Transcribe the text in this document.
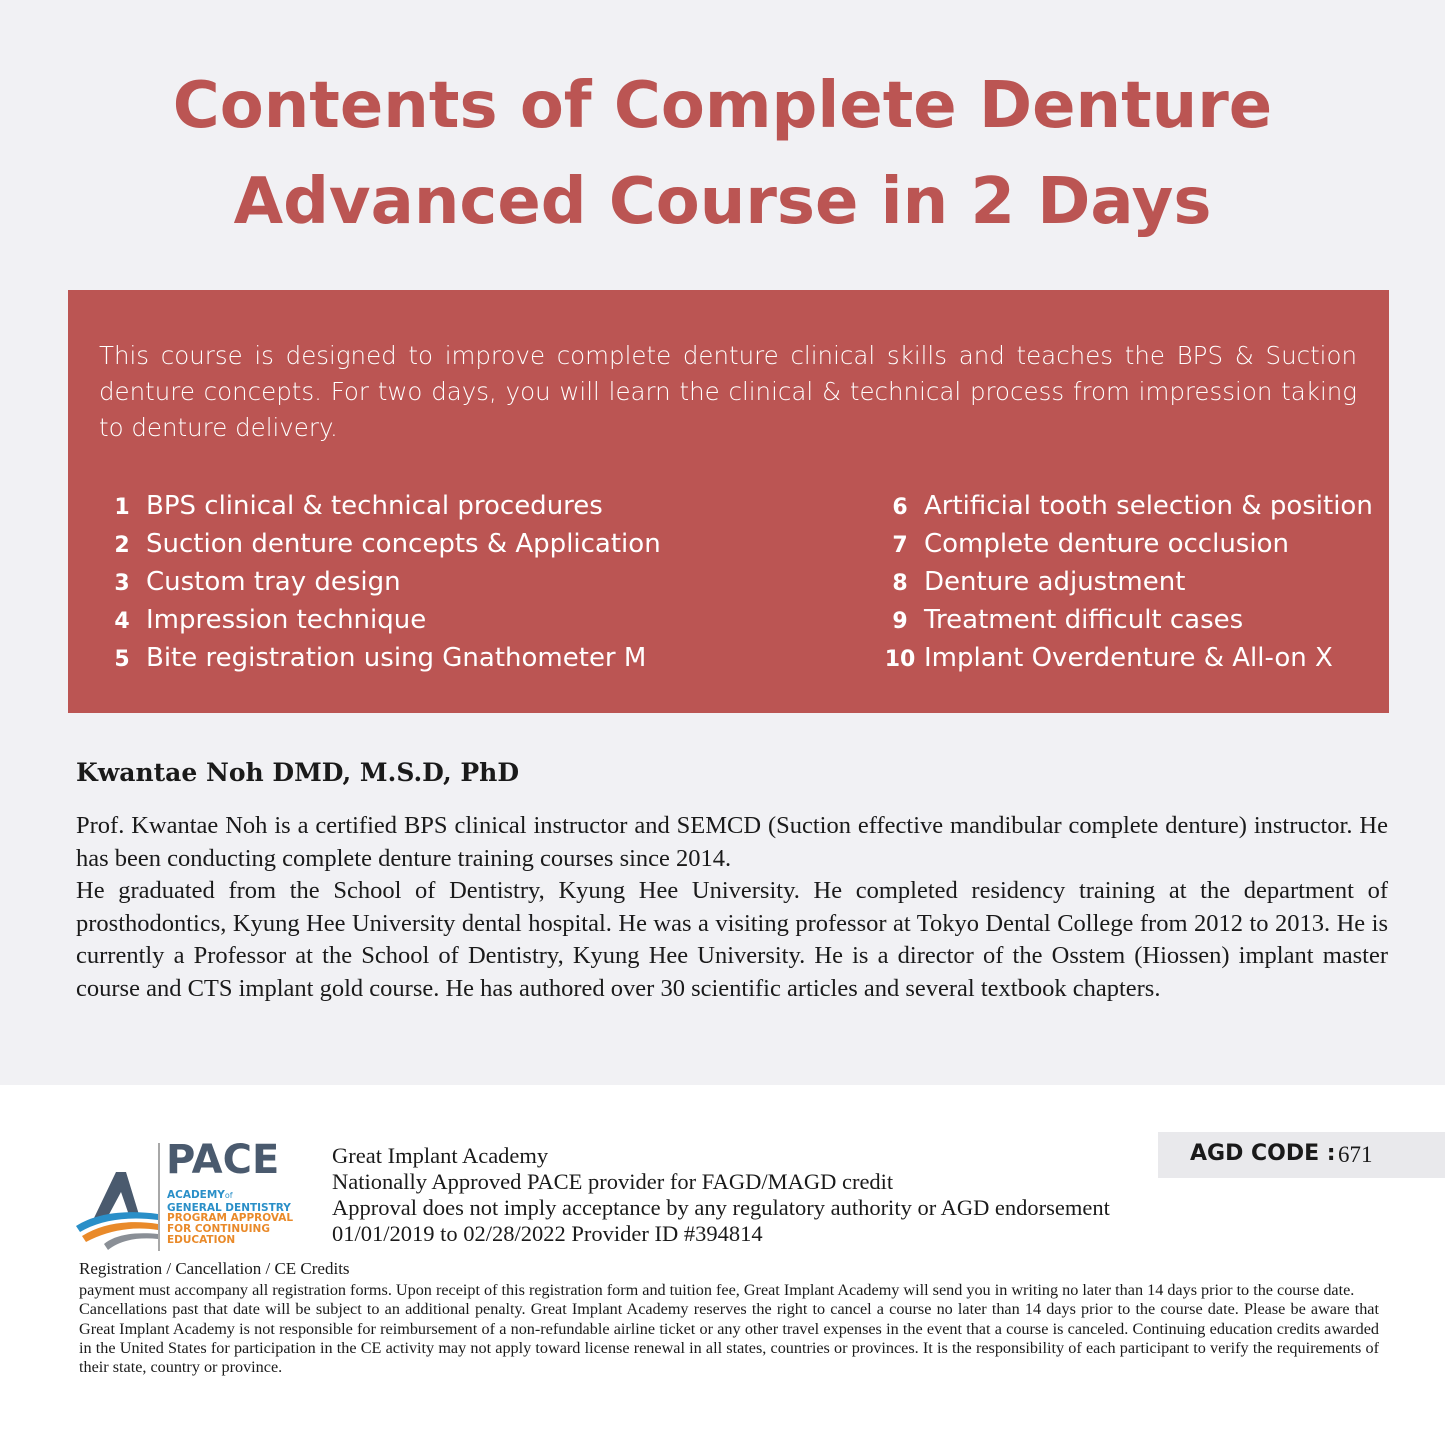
Contents of Complete Denture
Advanced Course in 2 Days

This course is designed to improve complete denture clinical skills and teaches the BPS & Suction denture concepts. For two days, you will learn the clinical & technical process from impression taking to denture delivery.

1 BPS clinical & technical procedures
2 Suction denture concepts & Application
3 Custom tray design
4 Impression technique
5 Bite registration using Gnathometer M
6 Artificial tooth selection & position
7 Complete denture occlusion
8 Denture adjustment
9 Treatment difficult cases
10 Implant Overdenture & All-on X
Kwantae Noh DMD, M.S.D, PhD

Prof. Kwantae Noh is a certified BPS clinical instructor and SEMCD (Suction effective mandibular complete denture) instructor. He has been conducting complete denture training courses since 2014.

He graduated from the School of Dentistry, Kyung Hee University. He completed residency training at the department of prosthodontics, Kyung Hee University dental hospital. He was a visiting professor at Tokyo Dental College from 2012 to 2013. He is currently a Professor at the School of Dentistry, Kyung Hee University. He is a director of the Osstem (Hiossen) implant master course and CTS implant gold course. He has authored over 30 scientific articles and several textbook chapters.

PACE
ACADEMYof
GENERAL DENTISTRY
PROGRAM APPROVAL
FOR CONTINUING
EDUCATION
Great Implant Academy
Nationally Approved PACE provider for FAGD/MAGD credit
Approval does not imply acceptance by any regulatory authority or AGD endorsement
01/01/2019 to 02/28/2022 Provider ID #394814
AGD CODE : 671
Registration / Cancellation / CE Credits

payment must accompany all registration forms. Upon receipt of this registration form and tuition fee, Great Implant Academy will send you in writing no later than 14 days prior to the course date.

Cancellations past that date will be subject to an additional penalty. Great Implant Academy reserves the right to cancel a course no later than 14 days prior to the course date. Please be aware that Great Implant Academy is not responsible for reimbursement of a non-refundable airline ticket or any other travel expenses in the event that a course is canceled. Continuing education credits awarded in the United States for participation in the CE activity may not apply toward license renewal in all states, countries or provinces. It is the responsibility of each participant to verify the requirements of their state, country or province.
